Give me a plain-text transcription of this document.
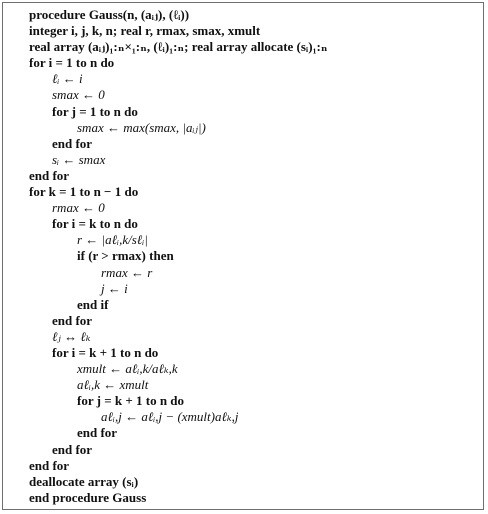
procedure Gauss(n, (aᵢⱼ), (ℓᵢ))
integer i, j, k, n; real r, rmax, smax, xmult
real array (aᵢⱼ)₁:ₙ×₁:ₙ, (ℓᵢ)₁:ₙ; real array allocate (sᵢ)₁:ₙ
for i = 1 to n do
ℓᵢ ← i
smax ← 0
for j = 1 to n do
smax ← max(smax, |aᵢⱼ|)
end for
sᵢ ← smax
end for
for k = 1 to n − 1 do
rmax ← 0
for i = k to n do
r ← |aℓᵢ,k/sℓᵢ|
if (r > rmax) then
rmax ← r
j ← i
end if
end for
ℓⱼ ↔ ℓₖ
for i = k + 1 to n do
xmult ← aℓᵢ,k/aℓₖ,k
aℓᵢ,k ← xmult
for j = k + 1 to n do
aℓᵢ,j ← aℓᵢ,j − (xmult)aℓₖ,j
end for
end for
end for
deallocate array (sᵢ)
end procedure Gauss
